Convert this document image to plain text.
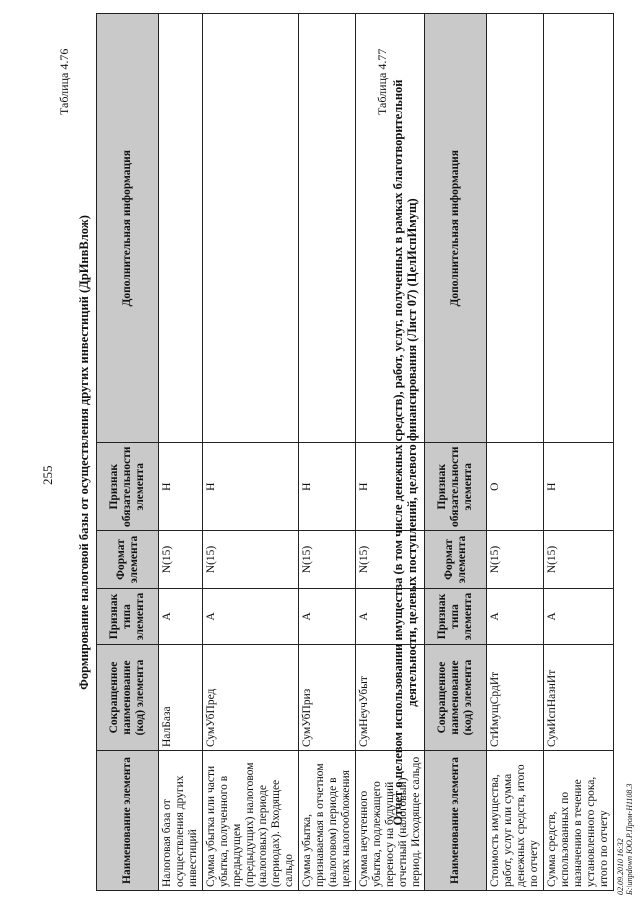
255
Таблица 4.76
Формирование налоговой базы от осуществления других инвестиций (ДрИнвВлож)
Наименование элемента	Сокращенное наименование (код) элемента	Признак типа элемента	Формат элемента	Признак обязательности элемента	Дополнительная информация
Налоговая база от осуществления других инвестиций	НалБаза	А	N(15)	Н	
Сумма убытка или части убытка, полученного в предыдущем (предыдущих) налоговом (налоговых) периоде (периодах). Входящее сальдо	СумУбПред	А	N(15)	Н	
Сумма убытка, признаваемая в отчетном (налоговом) периоде в целях налогообложения	СумУбПриз	А	N(15)	Н	
Сумма неучтенного убытка, подлежащего переносу на будущий отчетный (налоговый) период. Исходящее сальдо	СумНеучУбыт	А	N(15)	Н	
Таблица 4.77 Отчет о целевом использовании имущества (в том числе денежных средств), работ, услуг, полученных в рамках благотворительной деятельности, целевых поступлений, целевого финансирования (Лист 07) (ЦелИспИмущ)
Наименование элемента	Сокращенное наименование (код) элемента	Признак типа элемента	Формат элемента	Признак обязательности элемента	Дополнительная информация
Стоимость имущества, работ, услуг или сумма денежных средств, итого по отчету	СтИмущСрдИт	А	N(15)	О	
Сумма средств, использованных по назначению в течение установленного срока, итого по отчету	СумИспНазнИт	А	N(15)	Н	
02.09.2010 16:32 Б:\unpdown ЮО.Р.Пром-Н1108.3
